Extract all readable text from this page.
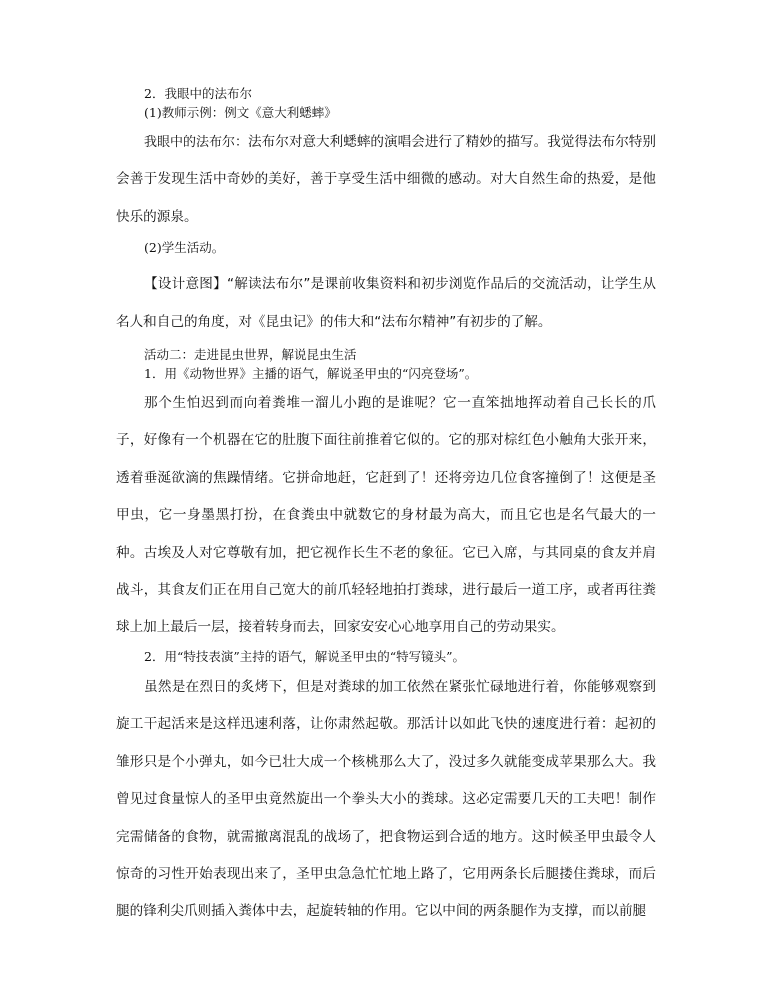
2．我眼中的法布尔

(1)教师示例：例文《意大利蟋蟀》

我眼中的法布尔：法布尔对意大利蟋蟀的演唱会进行了精妙的描写。我觉得法布尔特别会善于发现生活中奇妙的美好，善于享受生活中细微的感动。对大自然生命的热爱，是他快乐的源泉。

(2)学生活动。

【设计意图】“解读法布尔”是课前收集资料和初步浏览作品后的交流活动，让学生从名人和自己的角度，对《昆虫记》的伟大和“法布尔精神”有初步的了解。

活动二：走进昆虫世界，解说昆虫生活

1．用《动物世界》主播的语气，解说圣甲虫的“闪亮登场”。

那个生怕迟到而向着粪堆一溜儿小跑的是谁呢？它一直笨拙地挥动着自己长长的爪子，好像有一个机器在它的肚腹下面往前推着它似的。它的那对棕红色小触角大张开来，透着垂涎欲滴的焦躁情绪。它拼命地赶，它赶到了！还将旁边几位食客撞倒了！这便是圣甲虫，它一身墨黑打扮，在食粪虫中就数它的身材最为高大，而且它也是名气最大的一种。古埃及人对它尊敬有加，把它视作长生不老的象征。它已入席，与其同桌的食友并肩战斗，其食友们正在用自己宽大的前爪轻轻地拍打粪球，进行最后一道工序，或者再往粪球上加上最后一层，接着转身而去，回家安安心心地享用自己的劳动果实。

2．用“特技表演”主持的语气，解说圣甲虫的“特写镜头”。

虽然是在烈日的炙烤下，但是对粪球的加工依然在紧张忙碌地进行着，你能够观察到旋工干起活来是这样迅速利落，让你肃然起敬。那活计以如此飞快的速度进行着：起初的雏形只是个小弹丸，如今已壮大成一个核桃那么大了，没过多久就能变成苹果那么大。我曾见过食量惊人的圣甲虫竟然旋出一个拳头大小的粪球。这必定需要几天的工夫吧！制作完需储备的食物，就需撤离混乱的战场了，把食物运到合适的地方。这时候圣甲虫最令人惊奇的习性开始表现出来了，圣甲虫急急忙忙地上路了，它用两条长后腿搂住粪球，而后腿的锋利尖爪则插入粪体中去，起旋转轴的作用。它以中间的两条腿作为支撑，而以前腿
